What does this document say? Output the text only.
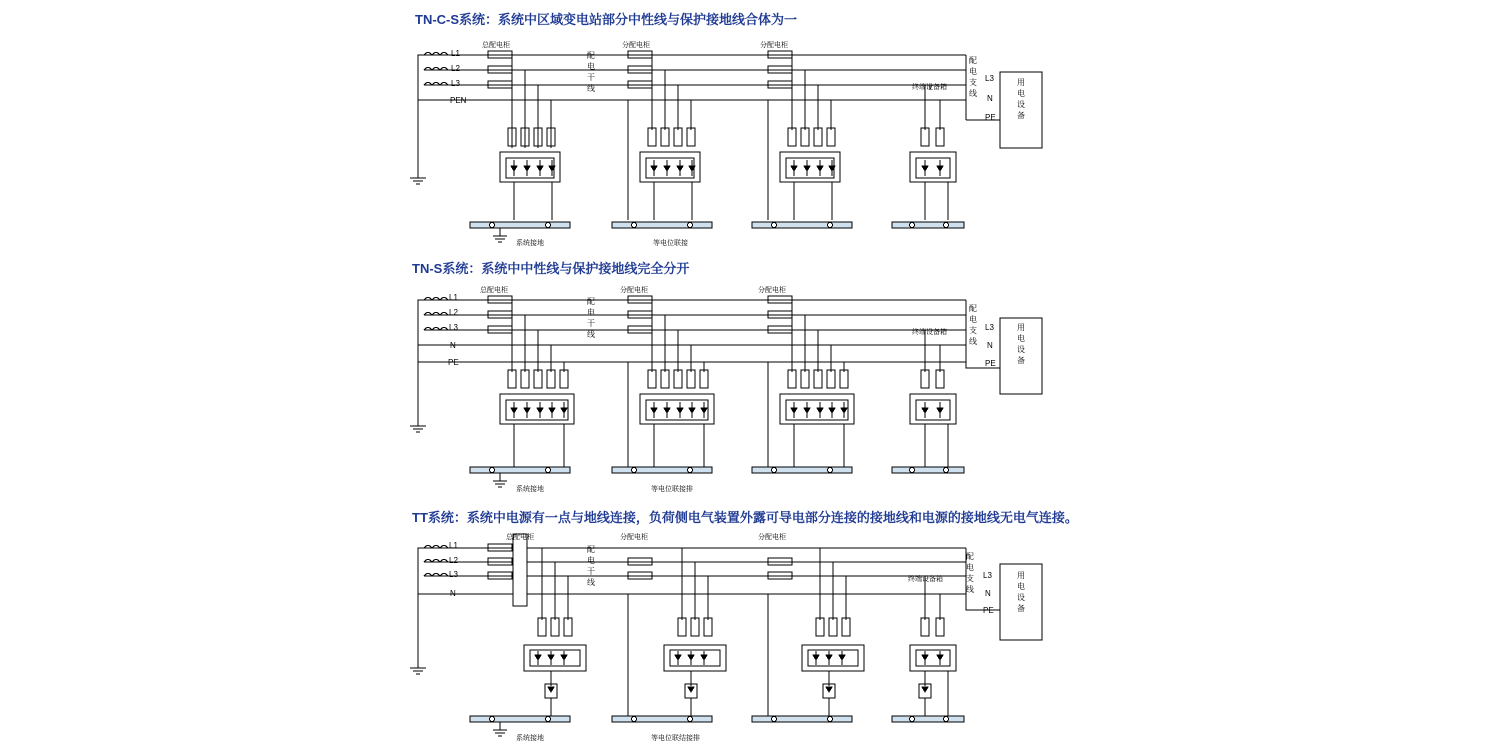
TN-C-S系统：系统中区域变电站部分中性线与保护接地线合体为一
L1
L2
L3
PEN
总配电柜	分配电柜	分配电柜
配
电
干
线	终端设备箱
配
电
支
线
L3
N
PE
用
电
设
备
系统接地	等电位联接
TN-S系统：系统中中性线与保护接地线完全分开
L1
L2
L3
N
PE
总配电柜	分配电柜	分配电柜
配
电
干
线	终端设备箱
配
电
支
线
L3
N
PE
用
电
设
备
系统接地	等电位联接排
TT系统：系统中电源有一点与地线连接，负荷侧电气装置外露可导电部分连接的接地线和电源的接地线无电气连接。
L1
L2
L3
N
总配电柜	分配电柜	分配电柜
配
电
干
线	终端设备箱
配
电
支
线
L3
N
PE
用
电
设
备
系统接地	等电位联结接排
